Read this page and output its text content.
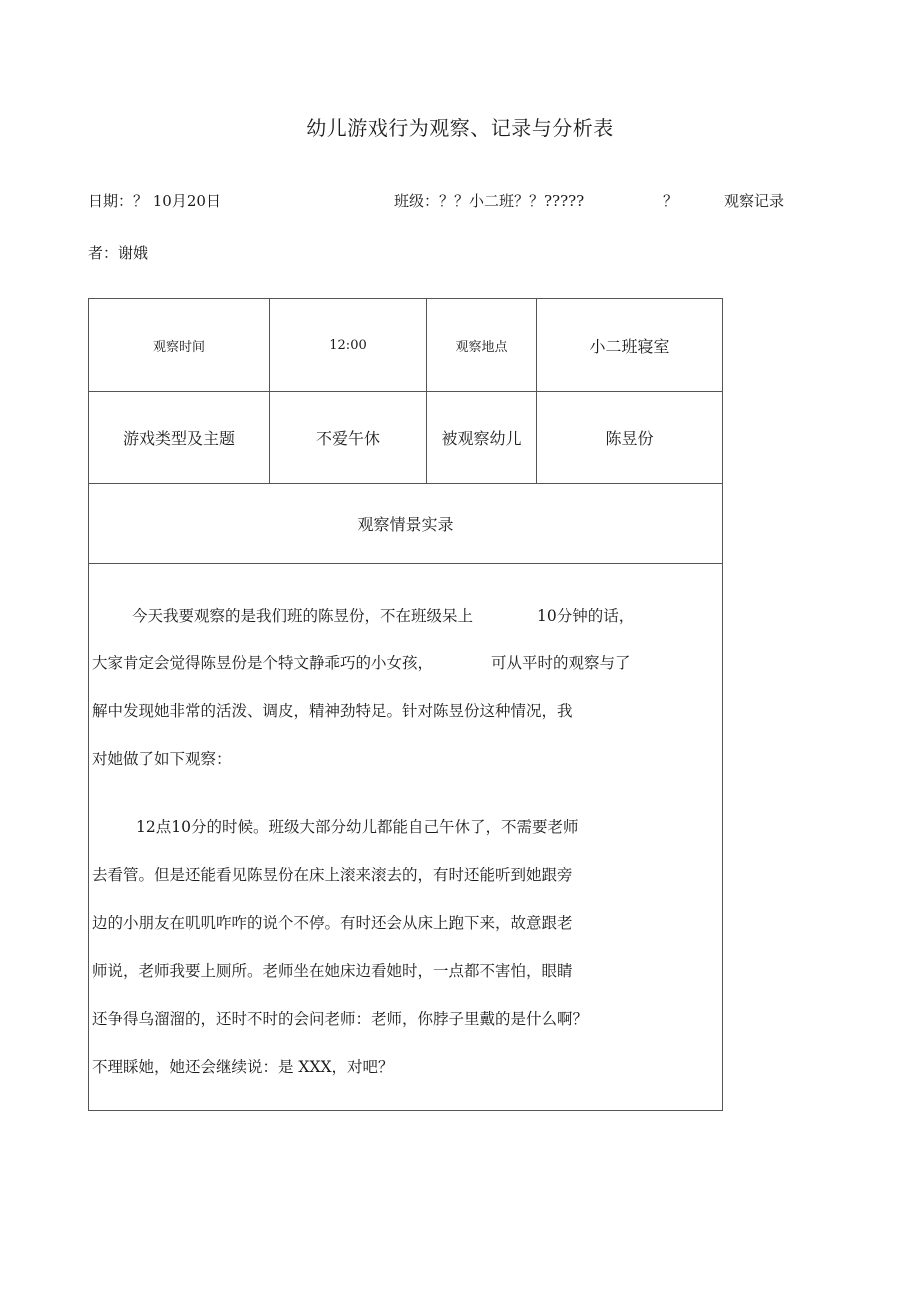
幼儿游戏行为观察、记录与分析表
日期：？ 10月20日	班级：？？小二班？？?????	？	观察记录
者：谢娥
观察时间	12:00	观察地点	小二班寝室
游戏类型及主题	不爱午休	被观察幼儿	陈昱份
观察情景实录
今天我要观察的是我们班的陈昱份，不在班级呆上	10分钟的话，
大家肯定会觉得陈昱份是个特文静乖巧的小女孩，	可从平时的观察与了
解中发现她非常的活泼、调皮，精神劲特足。针对陈昱份这种情况，我
对她做了如下观察：
12点10分的时候。班级大部分幼儿都能自己午休了，不需要老师
去看管。但是还能看见陈昱份在床上滚来滚去的，有时还能听到她跟旁
边的小朋友在叽叽咋咋的说个不停。有时还会从床上跑下来，故意跟老
师说，老师我要上厕所。老师坐在她床边看她时，一点都不害怕，眼睛
还争得乌溜溜的，还时不时的会问老师：老师，你脖子里戴的是什么啊？
不理睬她，她还会继续说：是 XXX，对吧？
